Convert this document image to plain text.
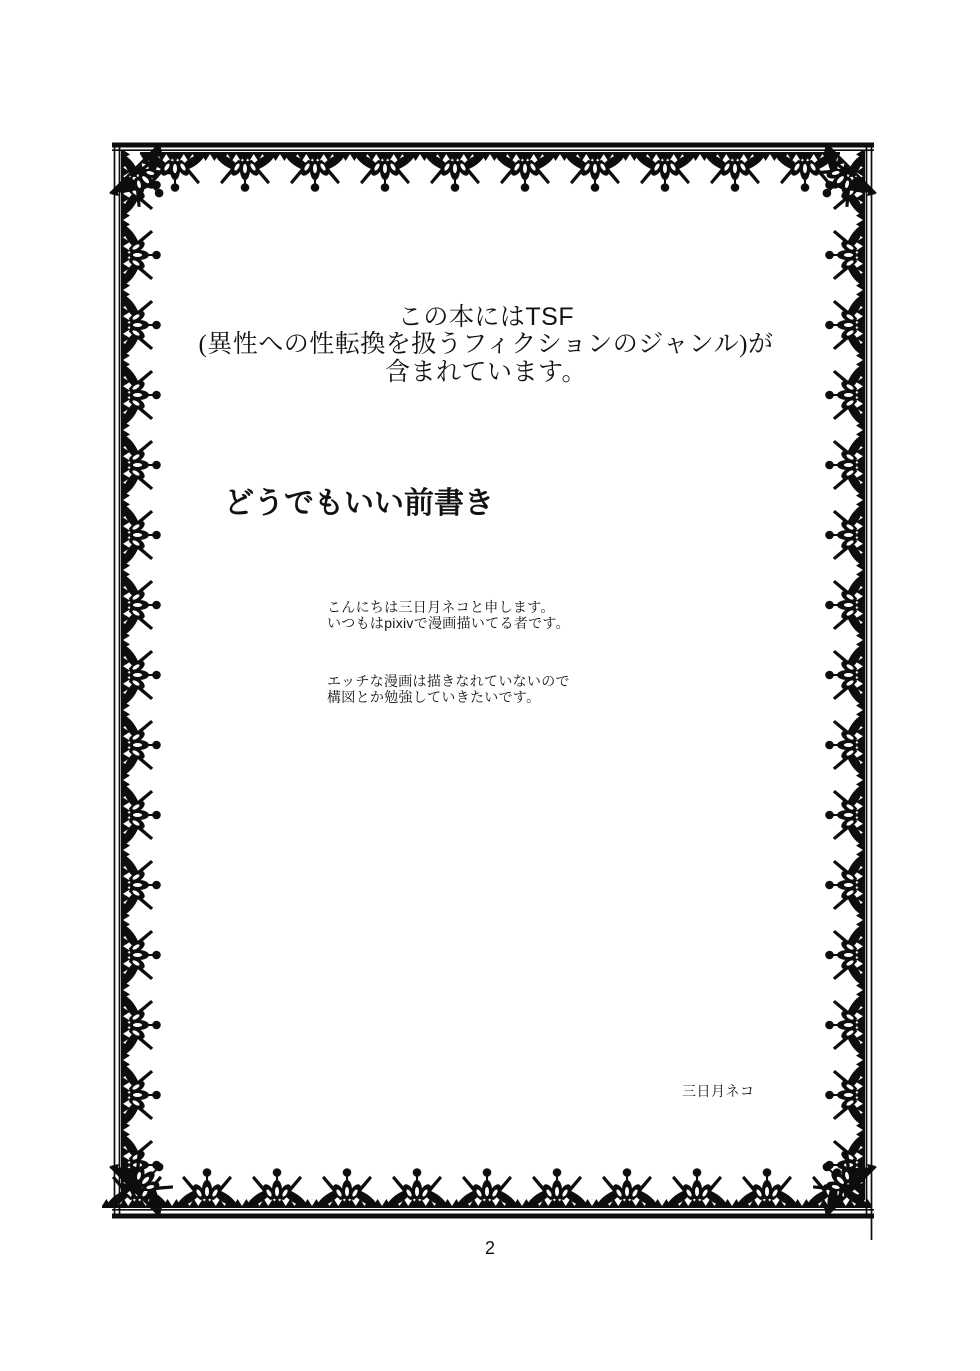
この本にはTSF
(異性への性転換を扱うフィクションのジャンル)が
含まれています。
どうでもいい前書き
こんにちは三日月ネコと申します。
いつもはpixivで漫画描いてる者です。
エッチな漫画は描きなれていないので
構図とか勉強していきたいです。
三日月ネコ
2
